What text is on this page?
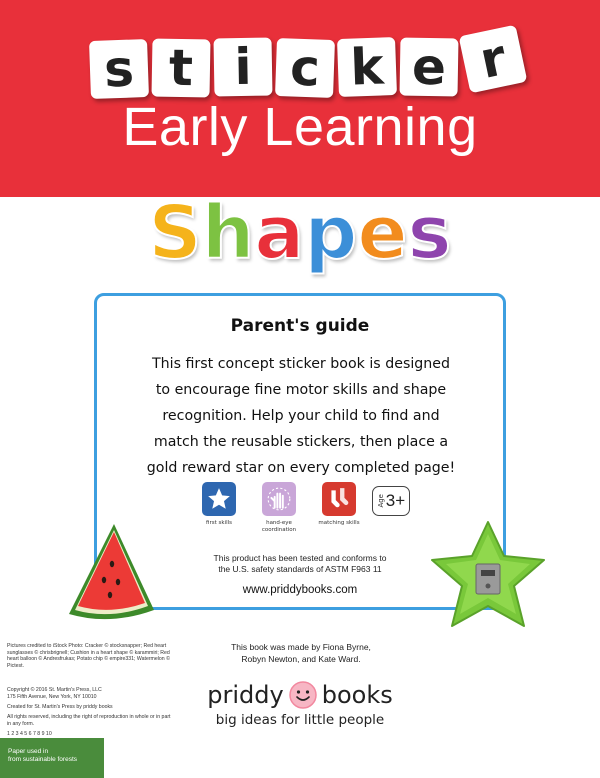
s t i c k e r
Early Learning
Shapes
Parent's guide
This first concept sticker book is designed
to encourage fine motor skills and shape
recognition. Help your child to find and
match the reusable stickers, then place a
gold reward star on every completed page!
first skills	hand-eye coordination
matching skills
Age 3+
This product has been tested and conforms to
the U.S. safety standards of ASTM F963 11
www.priddybooks.com

Pictures credited to iStock Photo: Cracker © stocksnapper; Red heart sunglasses © chrisbrignell; Cushion in a heart shape © karammiri; Red heart balloon © Andresfrukas; Potato chip © empire331; Watermelon © Pictest.

Copyright © 2016 St. Martin's Press, LLC

175 Fifth Avenue, New York, NY 10010

Created for St. Martin's Press by priddy books

All rights reserved, including the right of reproduction in whole or in part in any form.

1 2 3 4 5 6 7 8 9 10

This book was made by Fiona Byrne,
Robyn Newton, and Kate Ward.
priddy books
big ideas for little people
Paper used in
from sustainable forests
